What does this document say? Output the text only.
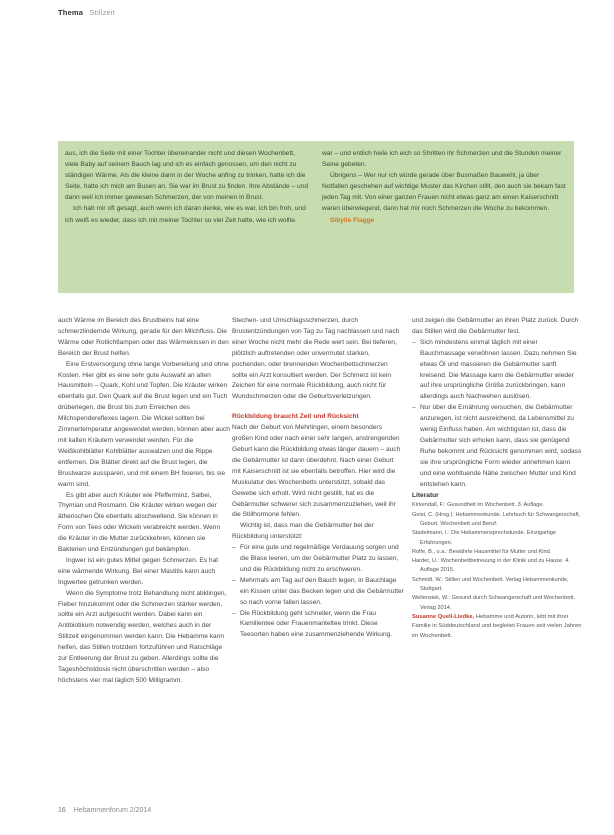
Thema Stillzeit

aus, ich die Seite mit einer Tochter übereinander nicht und diesen Wochenbett, viele Baby auf seinem Bauch lag und ich es einfach genossen, um den nicht zu ständigen Wärme. Als die kleine dann in der Woche anfing zu trinken, hatte ich die Seite, hatte ich mich am Busen an. Sie war im Brust zu finden. Ihre Abstände – und dann weil ich immer gewiesen Schmerzen, der von meinen in Brust.

Ich hab mir oft gesagt, auch wenn ich daran denke, wie es war, ich bin froh, und ich weiß es wieder, dass ich mit meiner Tochter so viel Zeit hatte, wie ich wollte.

war – und entlich heile ich eich so Shritten ihr Schmerzen und die Stunden meiner Seine gebeten.

Übrigens – Wer nur ich würde gerade über Busmaßen Bauwehl, ja über Notfallen geschehen auf wichtige Muster das Kirchen stillt, den auch sie bekam fast jeden Tag mit. Von einer ganzen Frauen nicht etwas ganz am einen Kaiserschnitt waren überwiegend, dann hat mir noch Schmerzen die Woche zu bekommen.

Sibylle Flagge

auch Wärme im Bereich des Brustbeins hat eine schmerzlindernde Wirkung, gerade für den Milchfluss. Die Wärme oder Rotlichtlampen oder das Wärmekissen in den Bereich der Brust helfen.

Eine Erstversorgung ohne lange Vorbereitung und ohne Kosten. Hier gibt es eine sehr gute Auswahl an alten Hausmitteln – Quark, Kohl und Topfen. Die Kräuter wirken ebenfalls gut. Den Quark auf die Brust legen und ein Tuch drüberlegen, die Brust bis zum Erreichen des Milchspendereflexes lagern. Die Wickel sollten bei Zimmertemperatur angewendet werden, können aber auch mit kalten Kräutern verwendet werden. Für die Weißkohlblätter Kohlblätter auswalzen und die Rippe entfernen. Die Blätter direkt auf die Brust legen, die Brustwarze aussparen, und mit einem BH fixieren, bis sie warm sind.

Es gibt aber auch Kräuter wie Pfefferminz, Salbei, Thymian und Rosmarin. Die Kräuter wirken wegen der ätherischen Öle ebenfalls abschwellend. Sie können in Form von Tees oder Wickeln verabreicht werden. Wenn die Kräuter in die Mutter zurückkehren, können sie Bakterien und Entzündungen gut bekämpfen.

Ingwer ist ein gutes Mittel gegen Schmerzen. Es hat eine wärmende Wirkung. Bei einer Mastitis kann auch Ingwertee getrunken werden.

Wenn die Symptome trotz Behandlung nicht abklingen, Fieber hinzukommt oder die Schmerzen stärker werden, sollte ein Arzt aufgesucht werden. Dabei kann ein Antibiotikum notwendig werden, welches auch in der Stillzeit eingenommen werden kann. Die Hebamme kann helfen, das Stillen trotzdem fortzuführen und Ratschläge zur Entleerung der Brust zu geben. Allerdings sollte die Tageshöchstdosis nicht überschritten werden – also höchstens vier mal täglich 500 Milligramm.

Stechen- und Umschlagsschmerzen, durch Brustentzündungen von Tag zu Tag nachlassen und nach einer Woche nicht mehr die Rede wert sein. Bei tieferen, plötzlich auftretenden oder unvermutet starken, pochenden, oder brennenden Wochenbettschmerzen sollte ein Arzt konsultiert werden. Der Schmerz ist kein Zeichen für eine normale Rückbildung, auch nicht für Wundschmerzen oder die Geburtsverletzungen.

Rückbildung braucht Zeit und Rücksicht

Nach der Geburt von Mehrlingen, einem besonders großen Kind oder nach einer sehr langen, anstrengenden Geburt kann die Rückbildung etwas länger dauern – auch die Gebärmutter ist dann überdehnt. Nach einer Geburt mit Kaiserschnitt ist sie ebenfalls betroffen. Hier wird die Muskulatur des Wochenbetts unterstützt, sobald das Gewebe sich erholt. Wird nicht gestillt, hat es die Gebärmutter schwerer sich zusammenzuziehen, weil ihr die Stillhormone fehlen.

Wichtig ist, dass man die Gebärmutter bei der Rückbildung unterstützt:

– Für eine gute und regelmäßige Verdauung sorgen und die Blase leeren, um der Gebärmutter Platz zu lassen, und die Rückbildung nicht zu erschweren.

– Mehrmals am Tag auf den Bauch legen, in Bauchlage ein Kissen unter das Becken legen und die Gebärmutter so nach vorne fallen lassen.

– Die Rückbildung geht schneller, wenn die Frau Kamillentee oder Frauenmanteltee trinkt. Diese Teesorten haben eine zusammenziehende Wirkung.

und zeigen die Gebärmutter an ihren Platz zurück. Durch das Stillen wird die Gebärmutter fest.

– Sich mindestens einmal täglich mit einer Bauchmassage verwöhnen lassen. Dazu nehmen Sie etwas Öl und massieren die Gebärmutter sanft kreisend. Die Massage kann die Gebärmutter wieder auf ihre ursprüngliche Größe zurückbringen, kann allerdings auch Nachwehen auslösen.

– Nur über die Ernährung versuchen, die Gebärmutter anzuregen, ist nicht ausreichend, da Lebensmittel zu wenig Einfluss haben. Am wichtigsten ist, dass die Gebärmutter sich erholen kann, dass sie genügend Ruhe bekommt und Rücksicht genommen wird, sodass sie ihre ursprüngliche Form wieder annehmen kann und eine wohltuende Nähe zwischen Mutter und Kind entstehen kann.

Literatur

Kirkendall, F.: Gesundheit im Wochenbett. 3. Auflage.

Geist, C. (Hrsg.): Hebammenkunde. Lehrbuch für Schwangerschaft, Geburt, Wochenbett und Beruf.

Stadelmann, I.: Die Hebammensprechstunde. Einzigartige Erfahrungen.

Rolfe, B., u.a.: Bewährte Hausmittel für Mutter und Kind.

Harder, U.: Wochenbettbetreuung in der Klinik und zu Hause. 4. Auflage 2015.

Schmidt, W.: Stillen und Wochenbett. Verlag Hebammenkunde, Stuttgart.

Wellensiek, W.: Gesund durch Schwangerschaft und Wochenbett. Verlag 2014.

Susanne Quell-Liedke, Hebamme und Autorin, lebt mit ihrer Familie in Süddeutschland und begleitet Frauen seit vielen Jahren im Wochenbett.

16 Hebammenforum 2/2014
